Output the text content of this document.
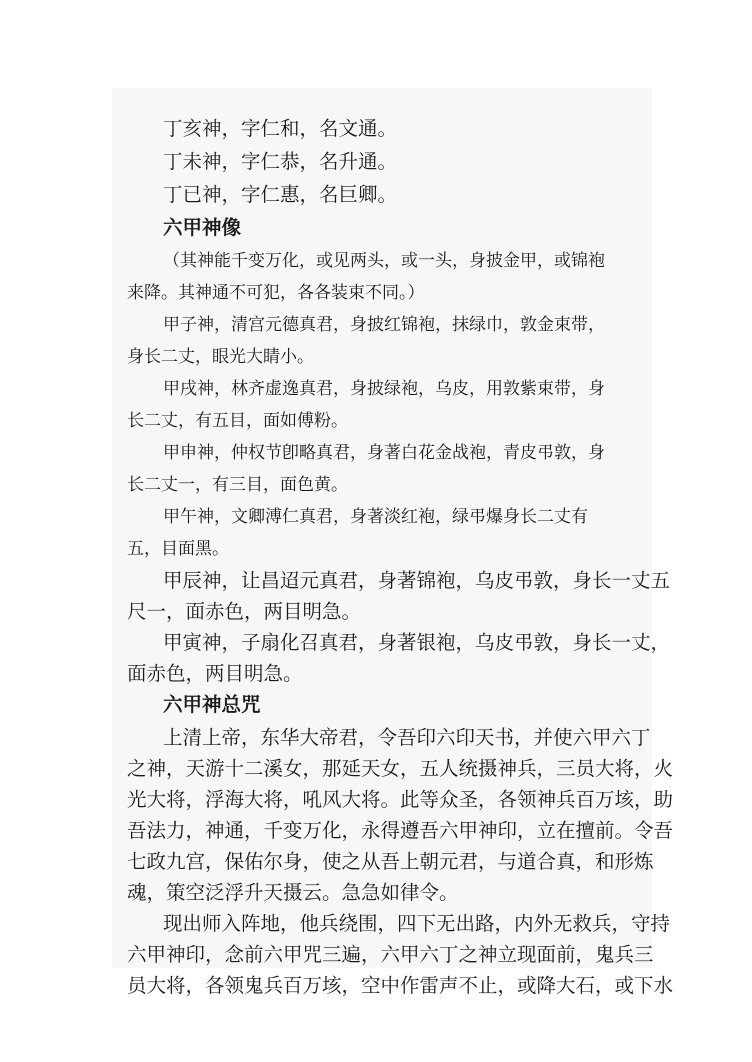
丁亥神，字仁和，名文通。
丁未神，字仁恭，名升通。
丁已神，字仁惠，名巨卿。
六甲神像
（其神能千变万化，或见两头，或一头，身披金甲，或锦袍
来降。其神通不可犯，各各装束不同。）
甲子神，清宫元德真君，身披红锦袍，抹绿巾，敦金束带，
身长二丈，眼光大睛小。
甲戌神，林齐虚逸真君，身披绿袍，乌皮，用敦紫束带，身
长二丈，有五目，面如傅粉。
甲申神，仲权节卽略真君，身著白花金战袍，青皮弔敦，身
长二丈一，有三目，面色黄。
甲午神，文卿溥仁真君，身著淡红袍，绿弔爆身长二丈有
五，目面黑。
甲辰神，让昌迢元真君，身著锦袍，乌皮弔敦，身长一丈五
尺一，面赤色，两目明急。
甲寅神，子扇化召真君，身著银袍，乌皮弔敦，身长一丈，
面赤色，两目明急。
六甲神总咒
上清上帝，东华大帝君，令吾印六印天书，并使六甲六丁
之神，天游十二溪女，那延天女，五人统摄神兵，三员大将，火
光大将，浮海大将，吼风大将。此等众圣，各领神兵百万垓，助
吾法力，神通，千变万化，永得遵吾六甲神印，立在擅前。令吾
七政九宫，保佑尔身，使之从吾上朝元君，与道合真，和形炼
魂，策空泛浮升天摄云。急急如律令。
现出师入阵地，他兵绕围，四下无出路，内外无救兵，守持
六甲神印，念前六甲咒三遍，六甲六丁之神立现面前，鬼兵三
员大将，各领鬼兵百万垓，空中作雷声不止，或降大石，或下水
